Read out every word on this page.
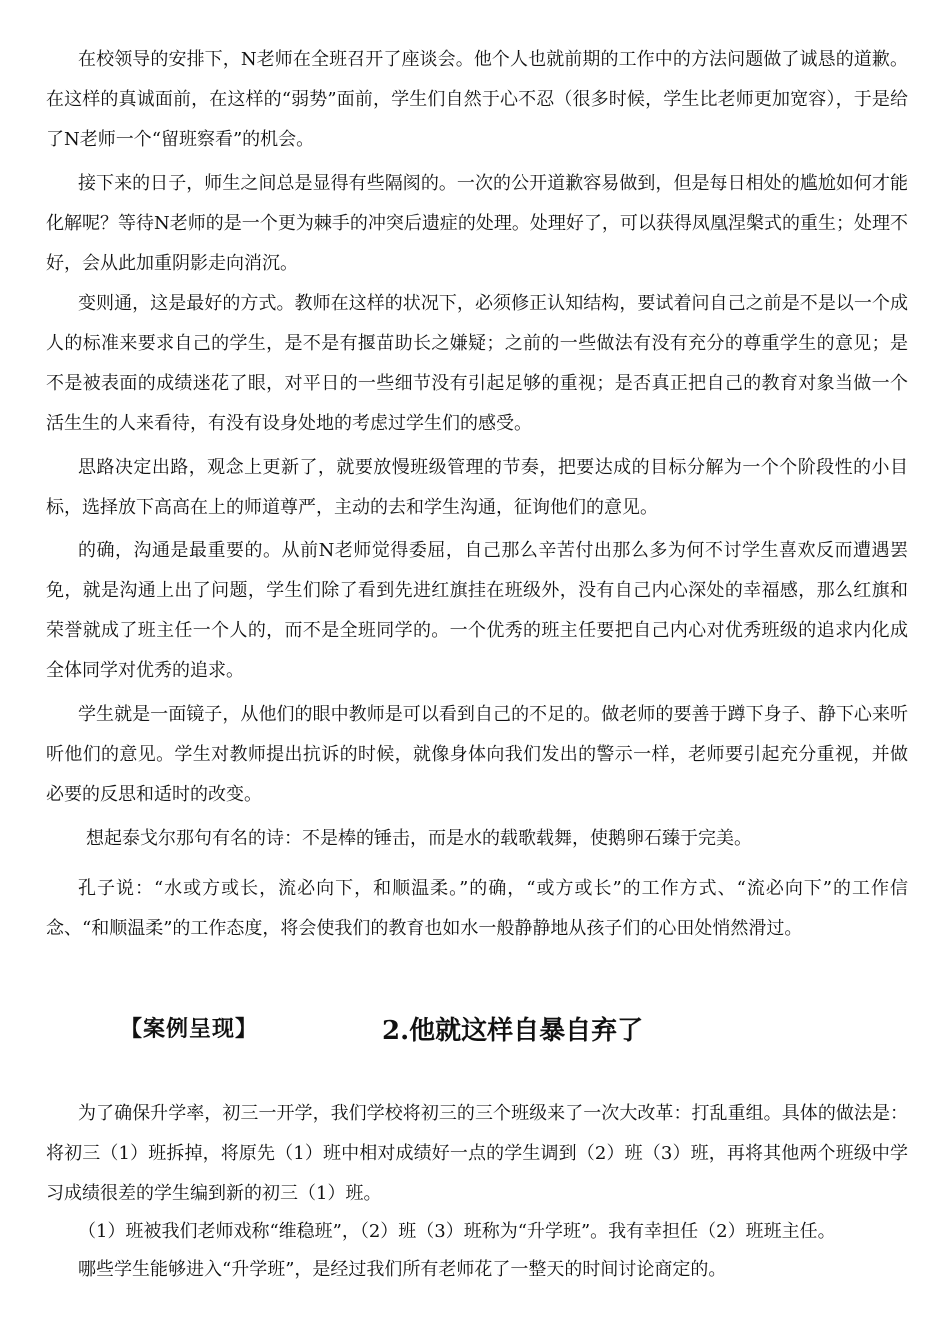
在校领导的安排下，N老师在全班召开了座谈会。他个人也就前期的工作中的方法问题做了诚恳的道歉。在这样的真诚面前，在这样的“弱势”面前，学生们自然于心不忍（很多时候，学生比老师更加宽容），于是给了N老师一个“留班察看”的机会。

接下来的日子，师生之间总是显得有些隔阂的。一次的公开道歉容易做到，但是每日相处的尴尬如何才能化解呢？等待N老师的是一个更为棘手的冲突后遗症的处理。处理好了，可以获得凤凰涅槃式的重生；处理不好，会从此加重阴影走向消沉。

变则通，这是最好的方式。教师在这样的状况下，必须修正认知结构，要试着问自己之前是不是以一个成人的标准来要求自己的学生，是不是有揠苗助长之嫌疑；之前的一些做法有没有充分的尊重学生的意见；是不是被表面的成绩迷花了眼，对平日的一些细节没有引起足够的重视；是否真正把自己的教育对象当做一个活生生的人来看待，有没有设身处地的考虑过学生们的感受。

思路决定出路，观念上更新了，就要放慢班级管理的节奏，把要达成的目标分解为一个个阶段性的小目标，选择放下高高在上的师道尊严，主动的去和学生沟通，征询他们的意见。

的确，沟通是最重要的。从前N老师觉得委屈，自己那么辛苦付出那么多为何不讨学生喜欢反而遭遇罢免，就是沟通上出了问题，学生们除了看到先进红旗挂在班级外，没有自己内心深处的幸福感，那么红旗和荣誉就成了班主任一个人的，而不是全班同学的。一个优秀的班主任要把自己内心对优秀班级的追求内化成全体同学对优秀的追求。

学生就是一面镜子，从他们的眼中教师是可以看到自己的不足的。做老师的要善于蹲下身子、静下心来听听他们的意见。学生对教师提出抗诉的时候，就像身体向我们发出的警示一样，老师要引起充分重视，并做必要的反思和适时的改变。

想起泰戈尔那句有名的诗：不是棒的锤击，而是水的载歌载舞，使鹅卵石臻于完美。

孔子说：“水或方或长，流必向下，和顺温柔。”的确，“或方或长”的工作方式、“流必向下”的工作信念、“和顺温柔”的工作态度，将会使我们的教育也如水一般静静地从孩子们的心田处悄然滑过。

【案例呈现】	2.他就这样自暴自弃了

为了确保升学率，初三一开学，我们学校将初三的三个班级来了一次大改革：打乱重组。具体的做法是：将初三（1）班拆掉，将原先（1）班中相对成绩好一点的学生调到（2）班（3）班，再将其他两个班级中学习成绩很差的学生编到新的初三（1）班。

（1）班被我们老师戏称“维稳班”，（2）班（3）班称为“升学班”。我有幸担任（2）班班主任。

哪些学生能够进入“升学班”，是经过我们所有老师花了一整天的时间讨论商定的。
